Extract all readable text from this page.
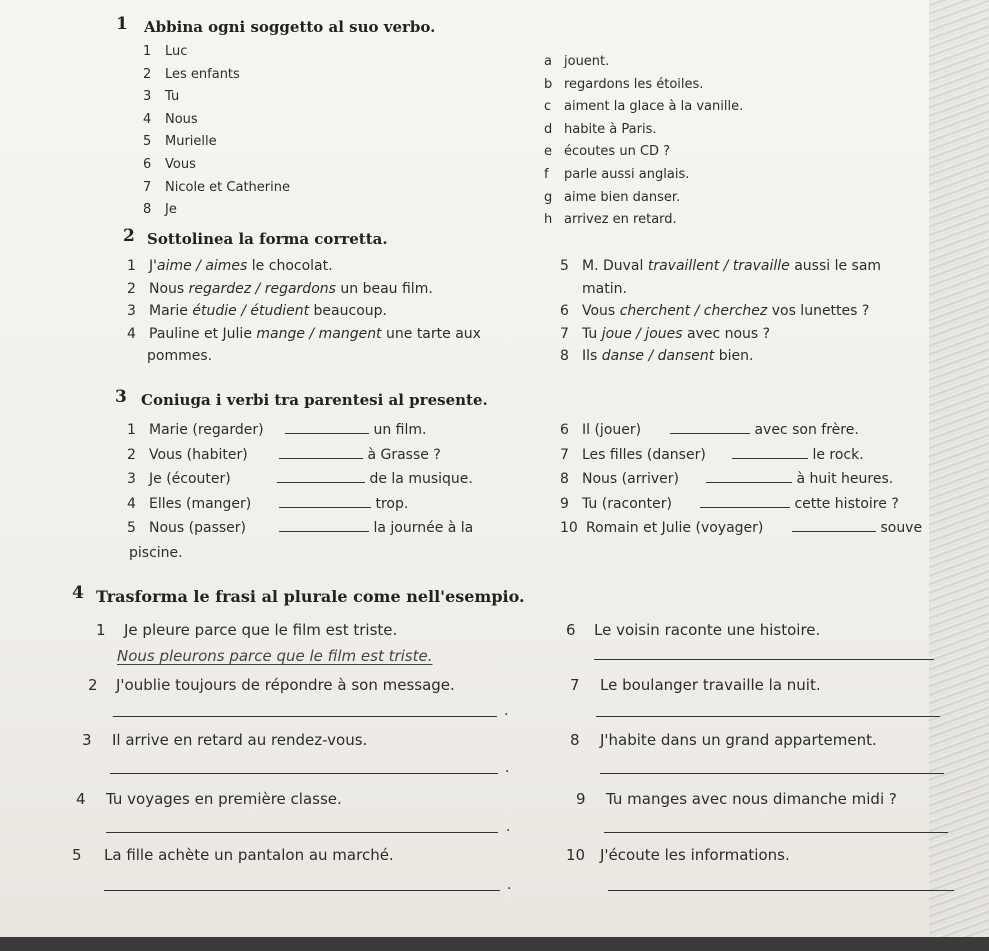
1 Abbina ogni soggetto al suo verbo.
1 Luc
2 Les enfants
3 Tu
4 Nous
5 Murielle
6 Vous
7 Nicole et Catherine
8 Je
a jouent.
b regardons les étoiles.
c aiment la glace à la vanille.
d habite à Paris.
e écoutes un CD ?
f parle aussi anglais.
g aime bien danser.
h arrivez en retard.
2 Sottolinea la forma corretta.
1 J'aime / aimes le chocolat.
2 Nous regardez / regardons un beau film.
3 Marie étudie / étudient beaucoup.
4 Pauline et Julie mange / mangent une tarte aux
pommes.
5 M. Duval travaillent / travaille aussi le sam
matin.
6 Vous cherchent / cherchez vos lunettes ?
7 Tu joue / joues avec nous ?
8 Ils danse / dansent bien.
3 Coniuga i verbi tra parentesi al presente.
1 Marie (regarder)	un film.
2 Vous (habiter)	à Grasse ?
3 Je (écouter)	de la musique.
4 Elles (manger)	trop.
5 Nous (passer)	la journée à la
piscine.
6 Il (jouer)	avec son frère.
7 Les filles (danser)	le rock.
8 Nous (arriver)	à huit heures.
9 Tu (raconter)	cette histoire ?
10 Romain et Julie (voyager)	souve
4 Trasforma le frasi al plurale come nell'esempio.
1 Je pleure parce que le film est triste.
Nous pleurons parce que le film est triste.
2 J'oublie toujours de répondre à son message.
.
3 Il arrive en retard au rendez-vous.
.
4 Tu voyages en première classe.
.
5 La fille achète un pantalon au marché.
.
6 Le voisin raconte une histoire.
7 Le boulanger travaille la nuit.
8 J'habite dans un grand appartement.
9 Tu manges avec nous dimanche midi ?
10 J'écoute les informations.
